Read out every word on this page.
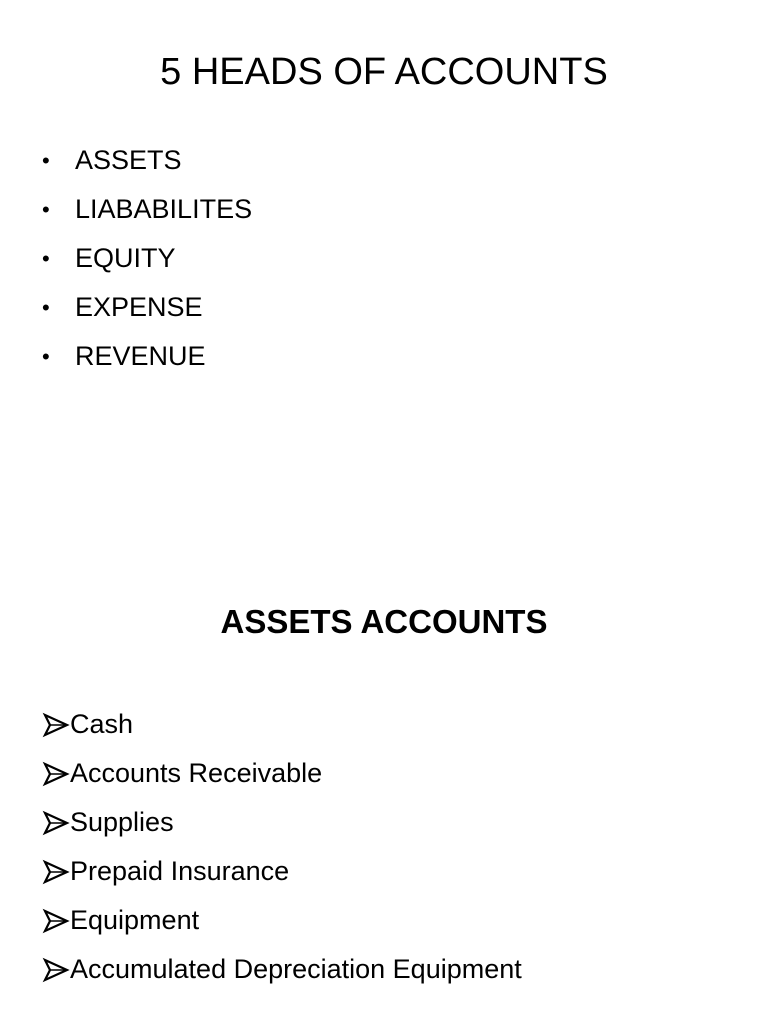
5 HEADS OF ACCOUNTS
• ASSETS
• LIABABILITES
• EQUITY
• EXPENSE
• REVENUE
ASSETS ACCOUNTS
Cash
Accounts Receivable
Supplies
Prepaid Insurance
Equipment
Accumulated Depreciation Equipment
